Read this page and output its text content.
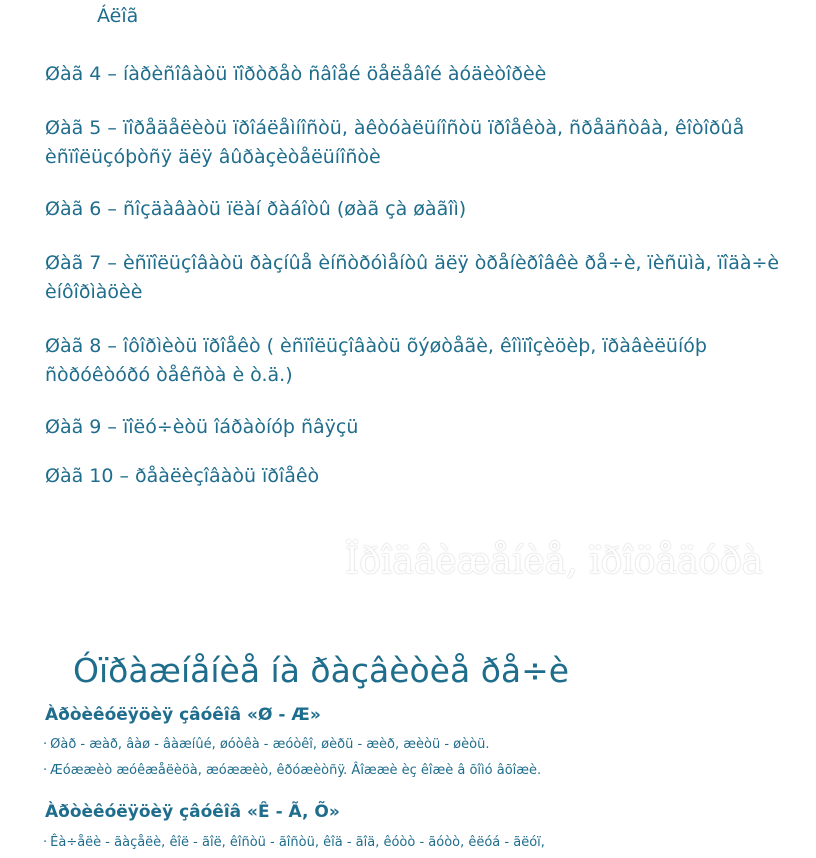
Áëîã
Øàã 4 – íàðèñîâàòü ïîðòðåò ñâîåé öåëåâîé àóäèòîðèè
Øàã 5 – ïîðåäåëèòü ïðîáëåìíîñòü, àêòóàëüíîñòü ïðîåêòà, ñðåäñòâà, êîòîðûå èñïîëüçóþòñÿ äëÿ âûðàçèòåëüíîñòè
Øàã 6 – ñîçäàâàòü ïëàí ðàáîòû (øàã çà øàãîì)
Øàã 7 – èñïîëüçîâàòü ðàçíûå èíñòðóìåíòû äëÿ òðåíèðîâêè ðå÷è, ïèñüìà, ïîäà÷è èíôîðìàöèè
Øàã 8 – îôîðìèòü ïðîåêò ( èñïîëüçîâàòü õýøòåãè, êîìïîçèöèþ, ïðàâèëüíóþ ñòðóêòóðó òåêñòà è ò.ä.)
Øàã 9 – ïîëó÷èòü îáðàòíóþ ñâÿçü
Øàã 10 – ðåàëèçîâàòü ïðîåêò
Ïðîäâèæåíèå, ïðîöåäóðà
Óïðàæíåíèå íà ðàçâèòèå ðå÷è
Àðòèêóëÿöèÿ çâóêîâ «Ø - Æ»
· Øàð - æàð, âàø - âàæíûé, øóòêà - æóòêî, øèðü - æèð, æèòü - øèòü.
· Æóææèò æóêæåëèöà, æóææèò, êðóæèòñÿ. Âîææè èç êîæè â õîìó âõîæè.
Àðòèêóëÿöèÿ çâóêîâ «Ê - Ã, Õ»
· Êà÷åëè - ãàçåëè, êîë - ãîë, êîñòü - ãîñòü, êîä - ãîä, êóòò - ãóòò, êëóá - ãëóï,
